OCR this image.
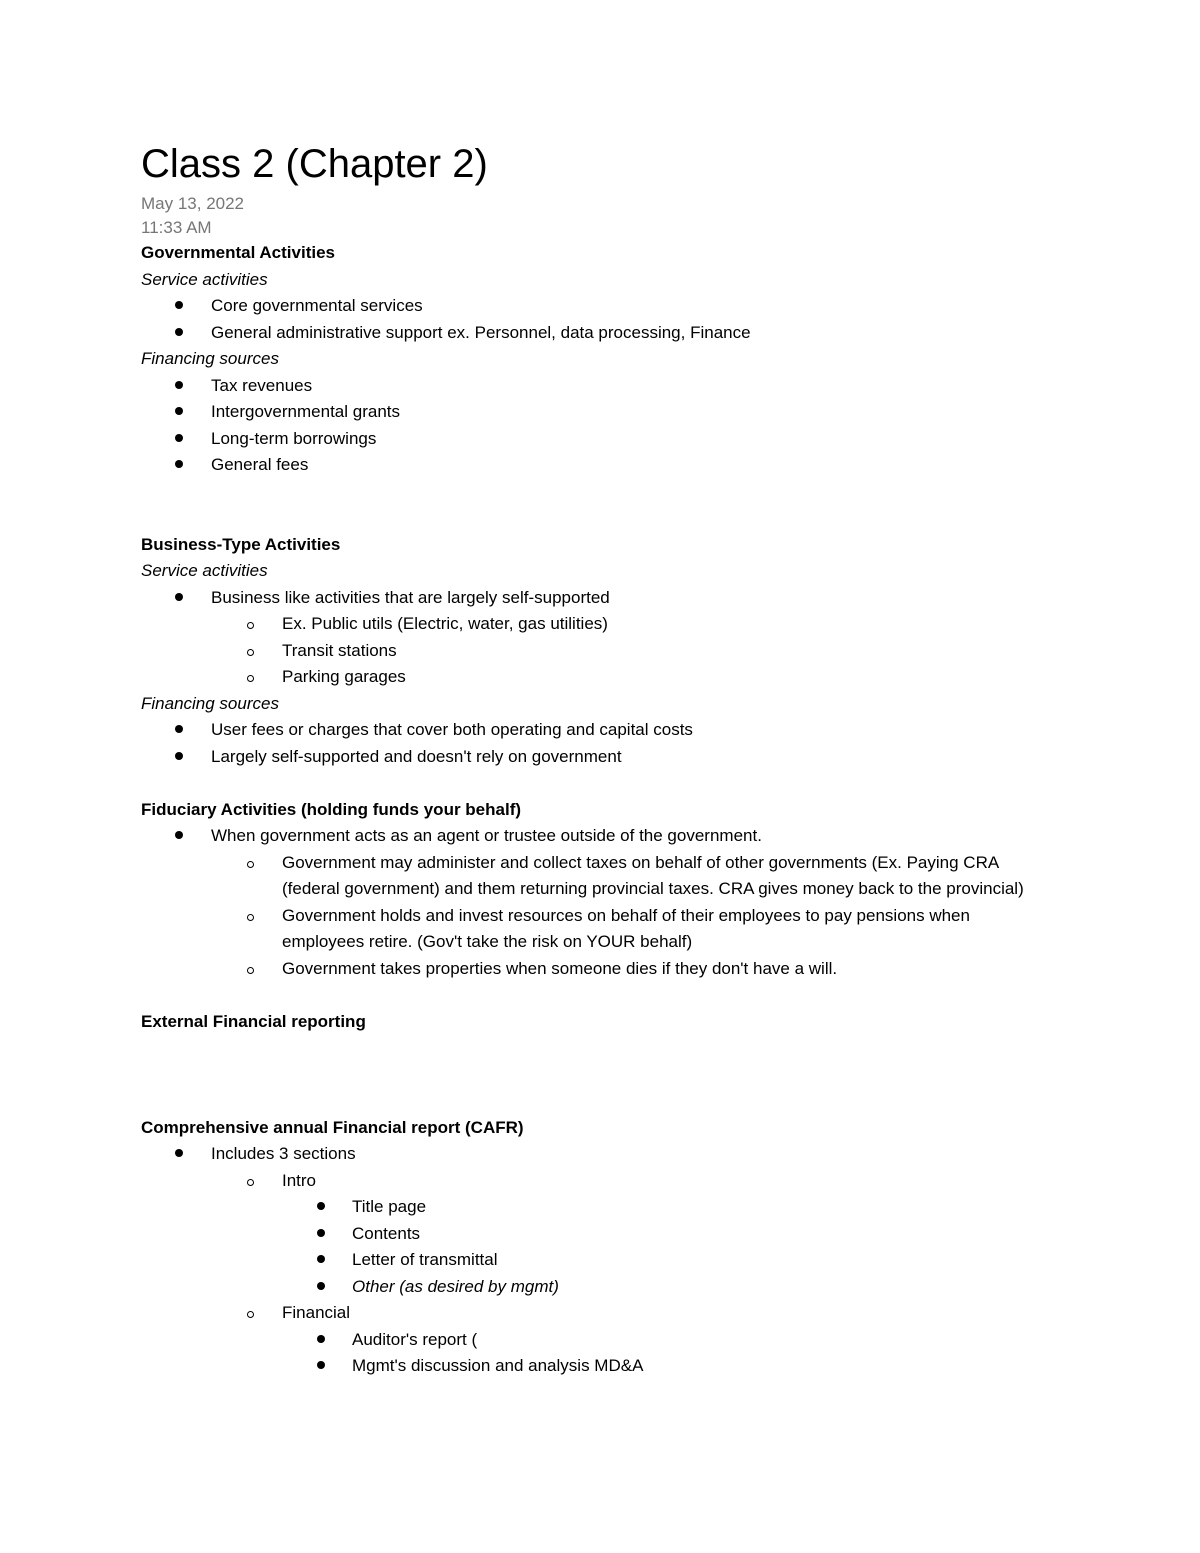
Class 2 (Chapter 2)
May 13, 2022
11:33 AM
Governmental Activities
Service activities
Core governmental services
General administrative support ex. Personnel, data processing, Finance
Financing sources
Tax revenues
Intergovernmental grants
Long-term borrowings
General fees
Business-Type Activities
Service activities
Business like activities that are largely self-supported
Ex. Public utils (Electric, water, gas utilities)
Transit stations
Parking garages
Financing sources
User fees or charges that cover both operating and capital costs
Largely self-supported and doesn't rely on government
Fiduciary Activities (holding funds your behalf)
When government acts as an agent or trustee outside of the government.
Government may administer and collect taxes on behalf of other governments (Ex. Paying CRA (federal government) and them returning provincial taxes. CRA gives money back to the provincial)
Government holds and invest resources on behalf of their employees to pay pensions when employees retire. (Gov't take the risk on YOUR behalf)
Government takes properties when someone dies if they don't have a will.
External Financial reporting
Comprehensive annual Financial report (CAFR)
Includes 3 sections
Intro
Title page
Contents
Letter of transmittal
Other (as desired by mgmt)
Financial
Auditor's report (
Mgmt's discussion and analysis MD&A
